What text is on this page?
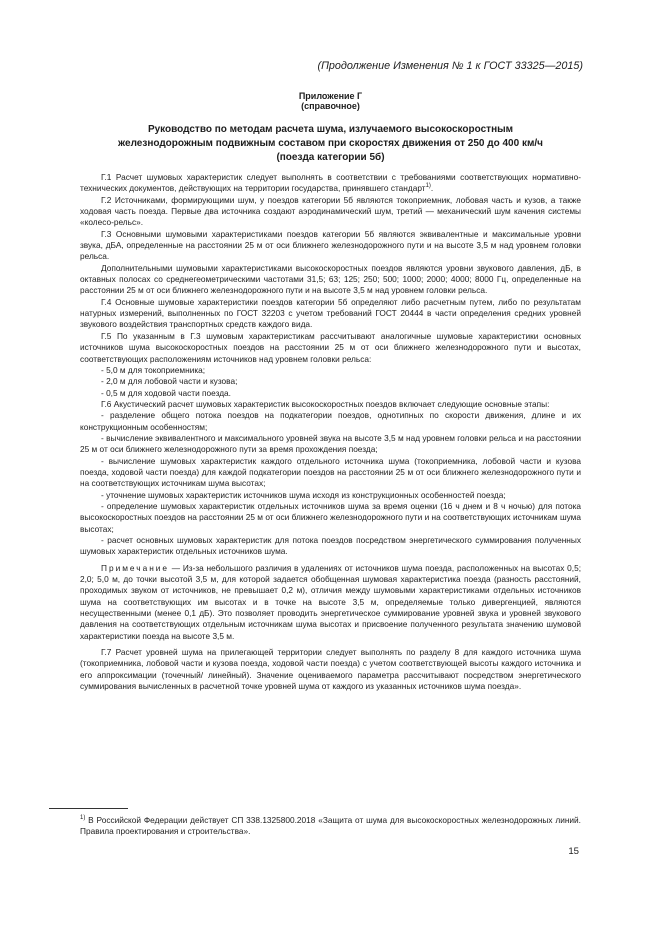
(Продолжение Изменения № 1 к ГОСТ 33325—2015)
Приложение Г
(справочное)
Руководство по методам расчета шума, излучаемого высокоскоростным
железнодорожным подвижным составом при скоростях движения от 250 до 400 км/ч
(поезда категории 5б)

Г.1 Расчет шумовых характеристик следует выполнять в соответствии с требованиями соответствующих нормативно-технических документов, действующих на территории государства, принявшего стандарт$^{1)}$.

Г.2 Источниками, формирующими шум, у поездов категории 5б являются токоприемник, лобовая часть и кузов, а также ходовая часть поезда. Первые два источника создают аэродинамический шум, третий — механический шум качения системы «колесо-рельс».

Г.3 Основными шумовыми характеристиками поездов категории 5б являются эквивалентные и максимальные уровни звука, дБА, определенные на расстоянии 25 м от оси ближнего железнодорожного пути и на высоте 3,5 м над уровнем головки рельса.

Дополнительными шумовыми характеристиками высокоскоростных поездов являются уровни звукового давления, дБ, в октавных полосах со среднегеометрическими частотами 31,5; 63; 125; 250; 500; 1000; 2000; 4000; 8000 Гц, определенные на расстоянии 25 м от оси ближнего железнодорожного пути и на высоте 3,5 м над уровнем головки рельса.

Г.4 Основные шумовые характеристики поездов категории 5б определяют либо расчетным путем, либо по результатам натурных измерений, выполненных по ГОСТ 32203 с учетом требований ГОСТ 20444 в части определения средних уровней звукового воздействия транспортных средств каждого вида.

Г.5 По указанным в Г.3 шумовым характеристикам рассчитывают аналогичные шумовые характеристики основных источников шума высокоскоростных поездов на расстоянии 25 м от оси ближнего железнодорожного пути и высотах, соответствующих расположениям источников над уровнем головки рельса:

- 5,0 м для токоприемника;

- 2,0 м для лобовой части и кузова;

- 0,5 м для ходовой части поезда.

Г.6 Акустический расчет шумовых характеристик высокоскоростных поездов включает следующие основные этапы:

- разделение общего потока поездов на подкатегории поездов, однотипных по скорости движения, длине и их конструкционным особенностям;

- вычисление эквивалентного и максимального уровней звука на высоте 3,5 м над уровнем головки рельса и на расстоянии 25 м от оси ближнего железнодорожного пути за время прохождения поезда;

- вычисление шумовых характеристик каждого отдельного источника шума (токоприемника, лобовой части и кузова поезда, ходовой части поезда) для каждой подкатегории поездов на расстоянии 25 м от оси ближнего железнодорожного пути и на соответствующих источникам шума высотах;

- уточнение шумовых характеристик источников шума исходя из конструкционных особенностей поезда;

- определение шумовых характеристик отдельных источников шума за время оценки (16 ч днем и 8 ч ночью) для потока высокоскоростных поездов на расстоянии 25 м от оси ближнего железнодорожного пути и на соответствующих источникам шума высотах;

- расчет основных шумовых характеристик для потока поездов посредством энергетического суммирования полученных шумовых характеристик отдельных источников шума.

Примечание — Из-за небольшого различия в удалениях от источников шума поезда, расположенных на высотах 0,5; 2,0; 5,0 м, до точки высотой 3,5 м, для которой задается обобщенная шумовая характеристика поезда (разность расстояний, проходимых звуком от источников, не превышает 0,2 м), отличия между шумовыми характеристиками отдельных источников шума на соответствующих им высотах и в точке на высоте 3,5 м, определяемые только дивергенцией, являются несущественными (менее 0,1 дБ). Это позволяет проводить энергетическое суммирование уровней звука и уровней звукового давления на соответствующих отдельным источникам шума высотах и присвоение полученного результата значению шумовой характеристики поезда на высоте 3,5 м.

Г.7 Расчет уровней шума на прилегающей территории следует выполнять по разделу 8 для каждого источника шума (токоприемника, лобовой части и кузова поезда, ходовой части поезда) с учетом соответствующей высоты каждого источника и его аппроксимации (точечный/ линейный). Значение оцениваемого параметра рассчитывают посредством энергетического суммирования вычисленных в расчетной точке уровней шума от каждого из указанных источников шума поезда».

$^{1)}$ В Российской Федерации действует СП 338.1325800.2018 «Защита от шума для высокоскоростных железнодорожных линий. Правила проектирования и строительства».
15
